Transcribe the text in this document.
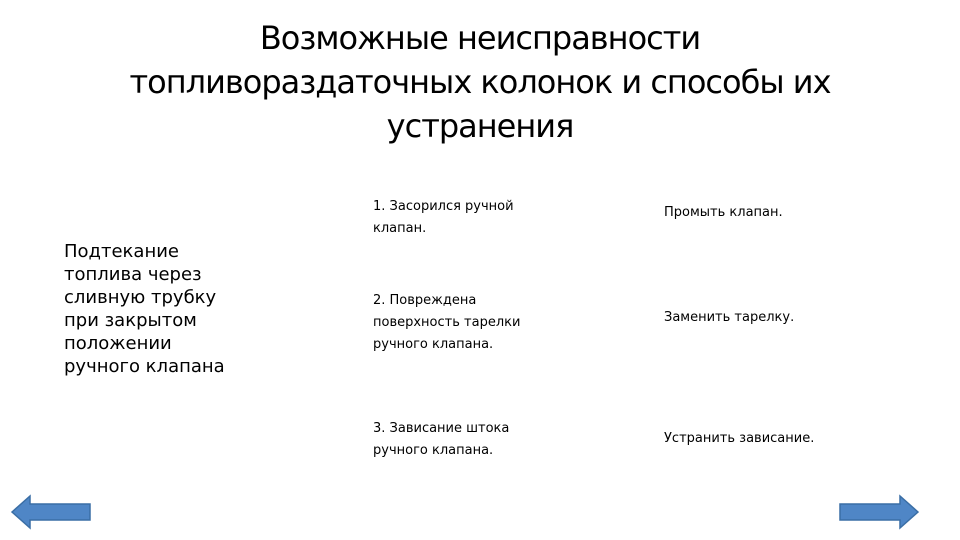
Возможные неисправности
топливораздаточных колонок и способы их
устранения
Подтекание
топлива через
сливную трубку
при закрытом
положении
ручного клапана
1. Засорился ручной
клапан.
2. Повреждена
поверхность тарелки
ручного клапана.
3. Зависание штока
ручного клапана.
Промыть клапан.
Заменить тарелку.
Устранить зависание.
